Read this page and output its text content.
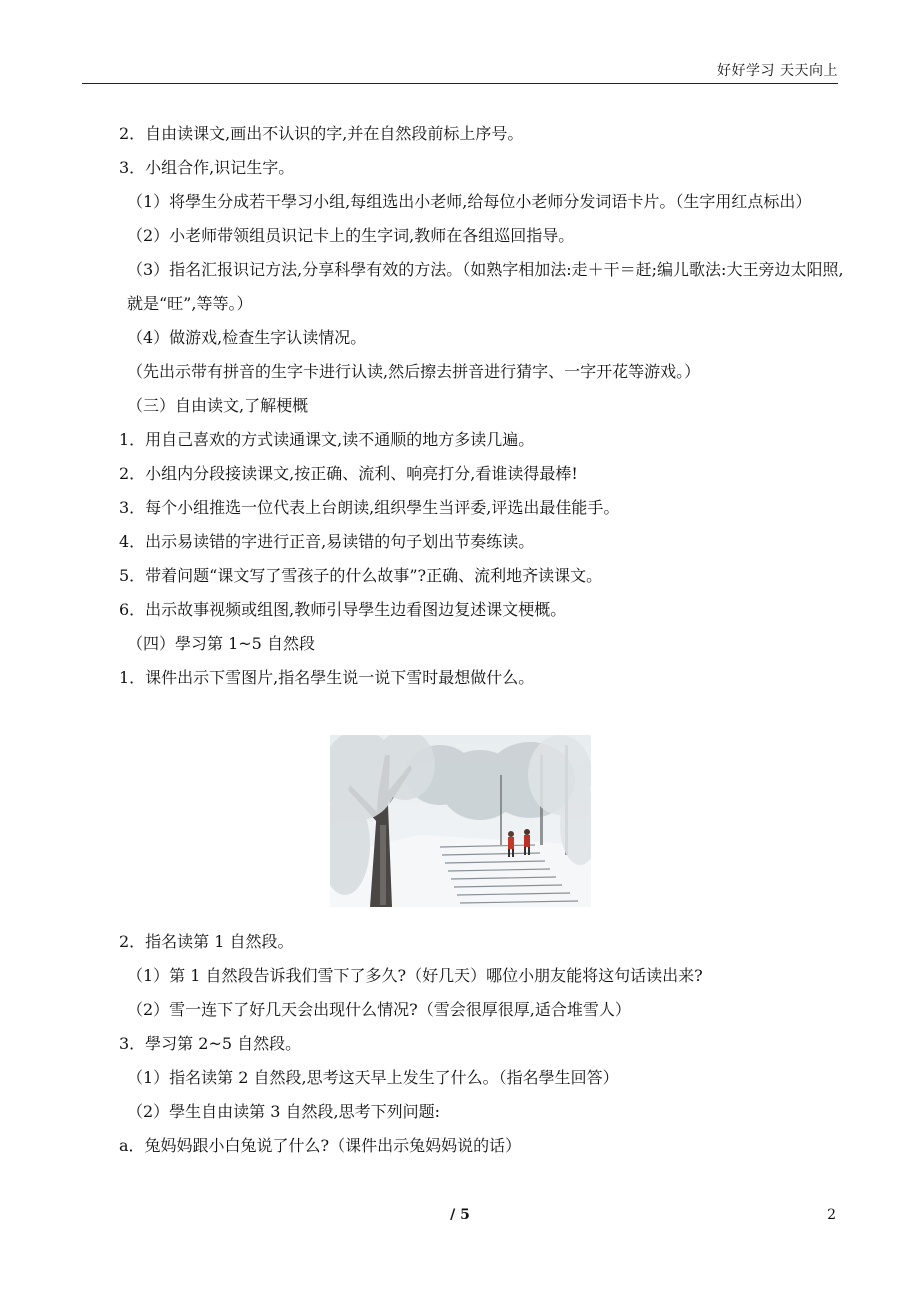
好好学习 天天向上
2．自由读课文,画出不认识的字,并在自然段前标上序号。
3．小组合作,识记生字。
（1）将學生分成若干學习小组,每组选出小老师,给每位小老师分发词语卡片。（生字用红点标出）
（2）小老师带领组员识记卡上的生字词,教师在各组巡回指导。
（3）指名汇报识记方法,分享科學有效的方法。（如熟字相加法:走＋干＝赶;编儿歌法:大王旁边太阳照,就是“旺”,等等。）
（4）做游戏,检查生字认读情况。
（先出示带有拼音的生字卡进行认读,然后擦去拼音进行猜字、一字开花等游戏。）
（三）自由读文,了解梗概
1．用自己喜欢的方式读通课文,读不通顺的地方多读几遍。
2．小组内分段接读课文,按正确、流利、响亮打分,看谁读得最棒!
3．每个小组推选一位代表上台朗读,组织學生当评委,评选出最佳能手。
4．出示易读错的字进行正音,易读错的句子划出节奏练读。
5．带着问题“课文写了雪孩子的什么故事”?正确、流利地齐读课文。
6．出示故事视频或组图,教师引导學生边看图边复述课文梗概。
（四）學习第 1~5 自然段
1．课件出示下雪图片,指名學生说一说下雪时最想做什么。
2．指名读第 1 自然段。
（1）第 1 自然段告诉我们雪下了多久?（好几天）哪位小朋友能将这句话读出来?
（2）雪一连下了好几天会出现什么情况?（雪会很厚很厚,适合堆雪人）
3．學习第 2~5 自然段。
（1）指名读第 2 自然段,思考这天早上发生了什么。（指名學生回答）
（2）學生自由读第 3 自然段,思考下列问题:
a．兔妈妈跟小白兔说了什么?（课件出示兔妈妈说的话）
/ 5	2
